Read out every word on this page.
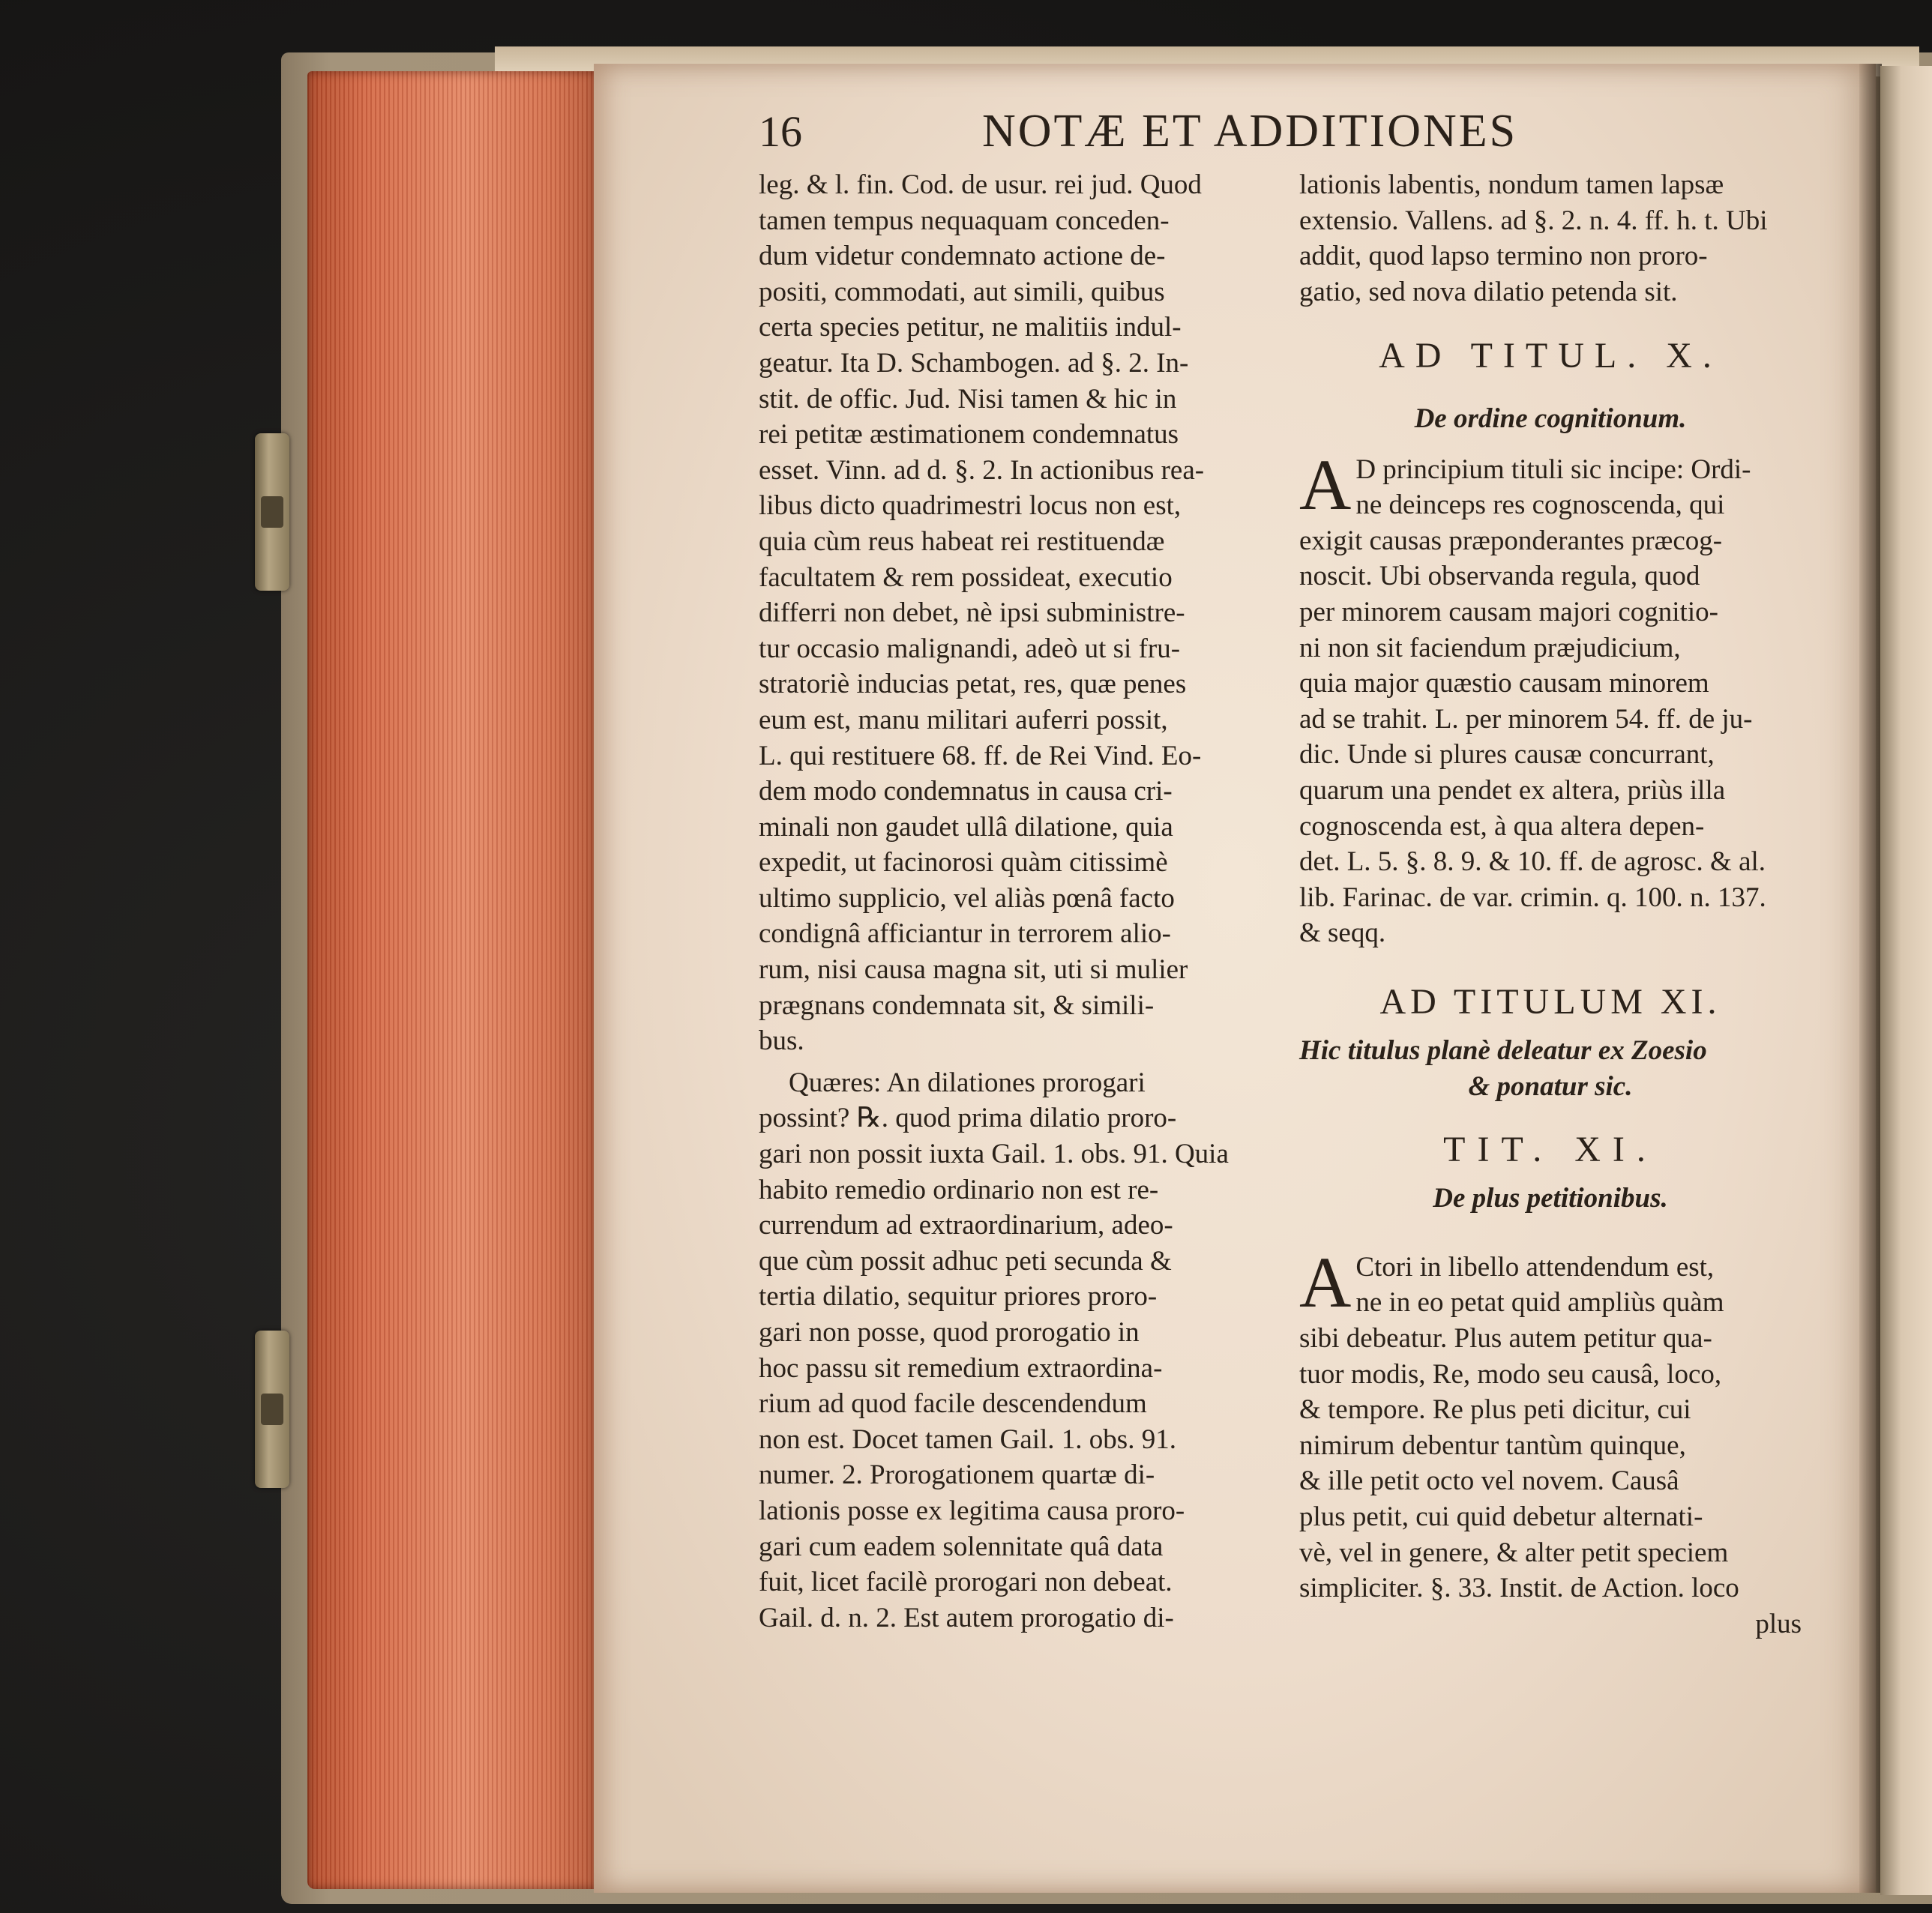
16	NOTÆ ET ADDITIONES
leg. & l. fin. Cod. de usur. rei jud. Quod
tamen tempus nequaquam conceden-
dum videtur condemnato actione de-
positi, commodati, aut simili, quibus
certa species petitur, ne malitiis indul-
geatur. Ita D. Schambogen. ad §. 2. In-
stit. de offic. Jud. Nisi tamen & hic in
rei petitæ æstimationem condemnatus
esset. Vinn. ad d. §. 2. In actionibus rea-
libus dicto quadrimestri locus non est,
quia cùm reus habeat rei restituendæ
facultatem & rem possideat, executio
differri non debet, nè ipsi subministre-
tur occasio malignandi, adeò ut si fru-
stratoriè inducias petat, res, quæ penes
eum est, manu militari auferri possit,
L. qui restituere 68. ff. de Rei Vind. Eo-
dem modo condemnatus in causa cri-
minali non gaudet ullâ dilatione, quia
expedit, ut facinorosi quàm citissimè
ultimo supplicio, vel aliàs pœnâ facto
condignâ afficiantur in terrorem alio-
rum, nisi causa magna sit, uti si mulier
prægnans condemnata sit, & simili-
bus.
Quæres: An dilationes prorogari
possint? ℞. quod prima dilatio proro-
gari non possit iuxta Gail. 1. obs. 91. Quia
habito remedio ordinario non est re-
currendum ad extraordinarium, adeo-
que cùm possit adhuc peti secunda &
tertia dilatio, sequitur priores proro-
gari non posse, quod prorogatio in
hoc passu sit remedium extraordina-
rium ad quod facile descendendum
non est. Docet tamen Gail. 1. obs. 91.
numer. 2. Prorogationem quartæ di-
lationis posse ex legitima causa proro-
gari cum eadem solennitate quâ data
fuit, licet facilè prorogari non debeat.
Gail. d. n. 2. Est autem prorogatio di-
lationis labentis, nondum tamen lapsæ
extensio. Vallens. ad §. 2. n. 4. ff. h. t. Ubi
addit, quod lapso termino non proro-
gatio, sed nova dilatio petenda sit.
AD TITUL. X.
De ordine cognitionum.
A D principium tituli sic incipe: Ordi-
ne deinceps res cognoscenda, qui
exigit causas præponderantes præcog-
noscit. Ubi observanda regula, quod
per minorem causam majori cognitio-
ni non sit faciendum præjudicium,
quia major quæstio causam minorem
ad se trahit. L. per minorem 54. ff. de ju-
dic. Unde si plures causæ concurrant,
quarum una pendet ex altera, priùs illa
cognoscenda est, à qua altera depen-
det. L. 5. §. 8. 9. & 10. ff. de agrosc. & al.
lib. Farinac. de var. crimin. q. 100. n. 137.
& seqq.
AD TITULUM XI.
Hic titulus planè deleatur ex Zoesio
& ponatur sic.
TIT. XI.
De plus petitionibus.
A Ctori in libello attendendum est,
ne in eo petat quid ampliùs quàm
sibi debeatur. Plus autem petitur qua-
tuor modis, Re, modo seu causâ, loco,
& tempore. Re plus peti dicitur, cui
nimirum debentur tantùm quinque,
& ille petit octo vel novem. Causâ
plus petit, cui quid debetur alternati-
vè, vel in genere, & alter petit speciem
simpliciter. §. 33. Instit. de Action. loco
plus
